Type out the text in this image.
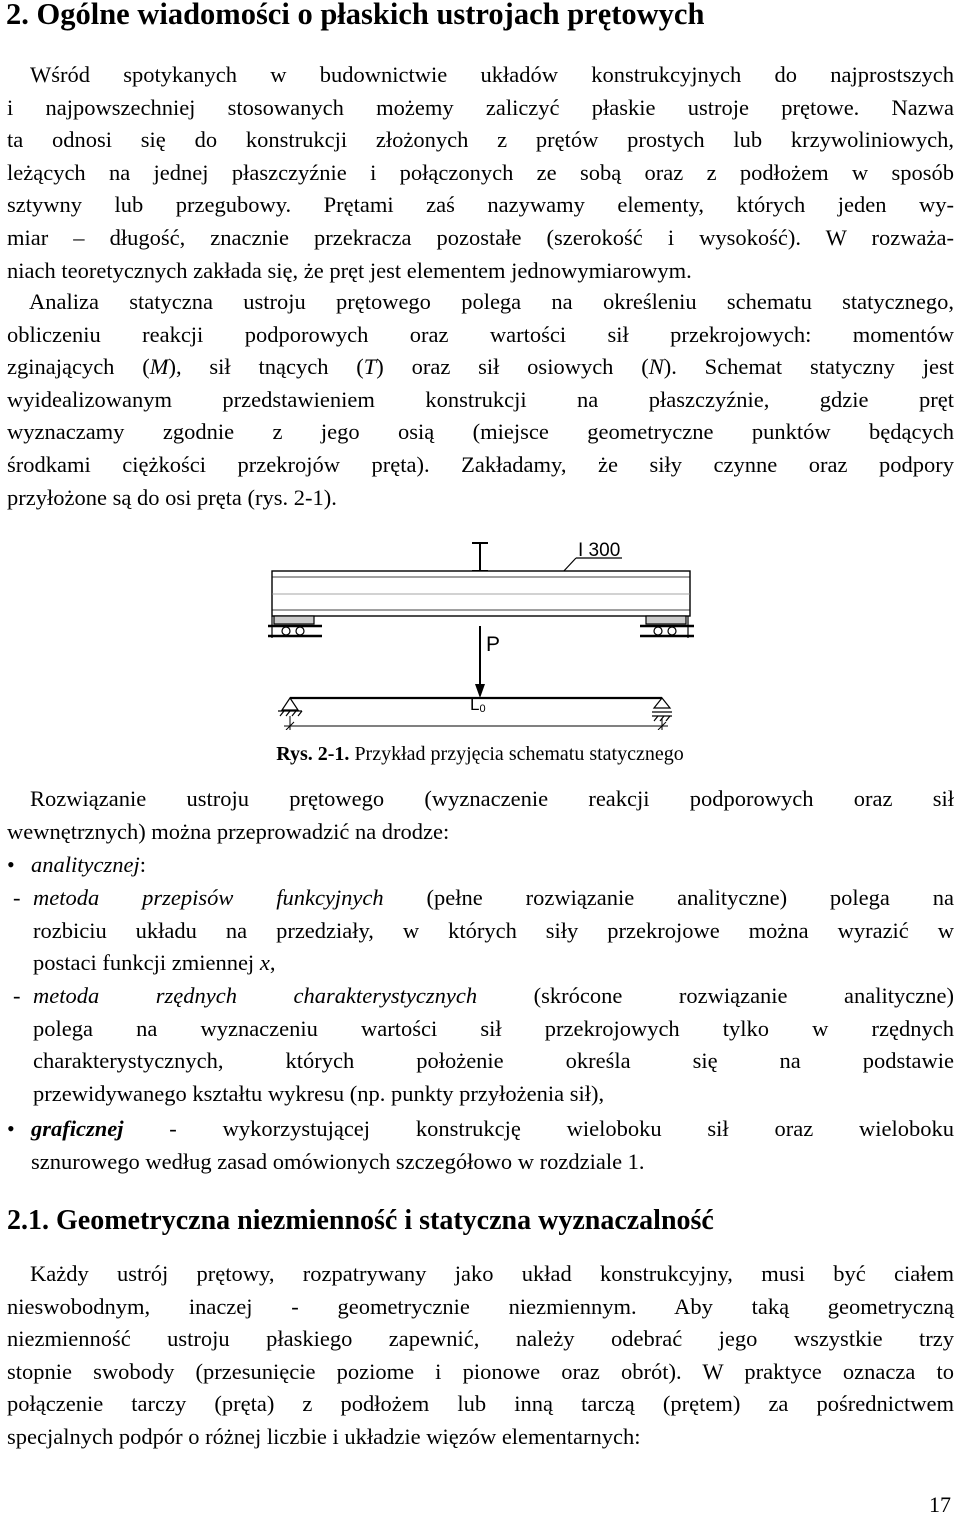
2. Ogólne wiadomości o płaskich ustrojach prętowych
Wśród spotykanych w budownictwie układów konstrukcyjnych do najprostszych
i najpowszechniej stosowanych możemy zaliczyć płaskie ustroje prętowe. Nazwa
ta odnosi się do konstrukcji złożonych z prętów prostych lub krzywoliniowych,
leżących na jednej płaszczyźnie i połączonych ze sobą oraz z podłożem w sposób
sztywny lub przegubowy. Prętami zaś nazywamy elementy, których jeden wy-
miar – długość, znacznie przekracza pozostałe (szerokość i wysokość). W rozważa-
niach teoretycznych zakłada się, że pręt jest elementem jednowymiarowym.
Analiza statyczna ustroju prętowego polega na określeniu schematu statycznego,
obliczeniu reakcji podporowych oraz wartości sił przekrojowych: momentów
zginających (M), sił tnących (T) oraz sił osiowych (N). Schemat statyczny jest
wyidealizowanym przedstawieniem konstrukcji na płaszczyźnie, gdzie pręt
wyznaczamy zgodnie z jego osią (miejsce geometryczne punktów będących
środkami ciężkości przekrojów pręta). Zakładamy, że siły czynne oraz podpory
przyłożone są do osi pręta (rys. 2-1).
I 300
P
L0
Rys. 2-1. Przykład przyjęcia schematu statycznego
Rozwiązanie ustroju prętowego (wyznaczenie reakcji podporowych oraz sił
wewnętrznych) można przeprowadzić na drodze:
• analitycznej:
- metoda przepisów funkcyjnych (pełne rozwiązanie analityczne) polega na
rozbiciu układu na przedziały, w których siły przekrojowe można wyrazić w
postaci funkcji zmiennej x,
- metoda rzędnych charakterystycznych (skrócone rozwiązanie analityczne)
polega na wyznaczeniu wartości sił przekrojowych tylko w rzędnych
charakterystycznych, których położenie określa się na podstawie
przewidywanego kształtu wykresu (np. punkty przyłożenia sił),
• graficznej - wykorzystującej konstrukcję wieloboku sił oraz wieloboku
sznurowego według zasad omówionych szczegółowo w rozdziale 1.
2.1. Geometryczna niezmienność i statyczna wyznaczalność
Każdy ustrój prętowy, rozpatrywany jako układ konstrukcyjny, musi być ciałem
nieswobodnym, inaczej - geometrycznie niezmiennym. Aby taką geometryczną
niezmienność ustroju płaskiego zapewnić, należy odebrać jego wszystkie trzy
stopnie swobody (przesunięcie poziome i pionowe oraz obrót). W praktyce oznacza to
połączenie tarczy (pręta) z podłożem lub inną tarczą (prętem) za pośrednictwem
specjalnych podpór o różnej liczbie i układzie więzów elementarnych:
17
